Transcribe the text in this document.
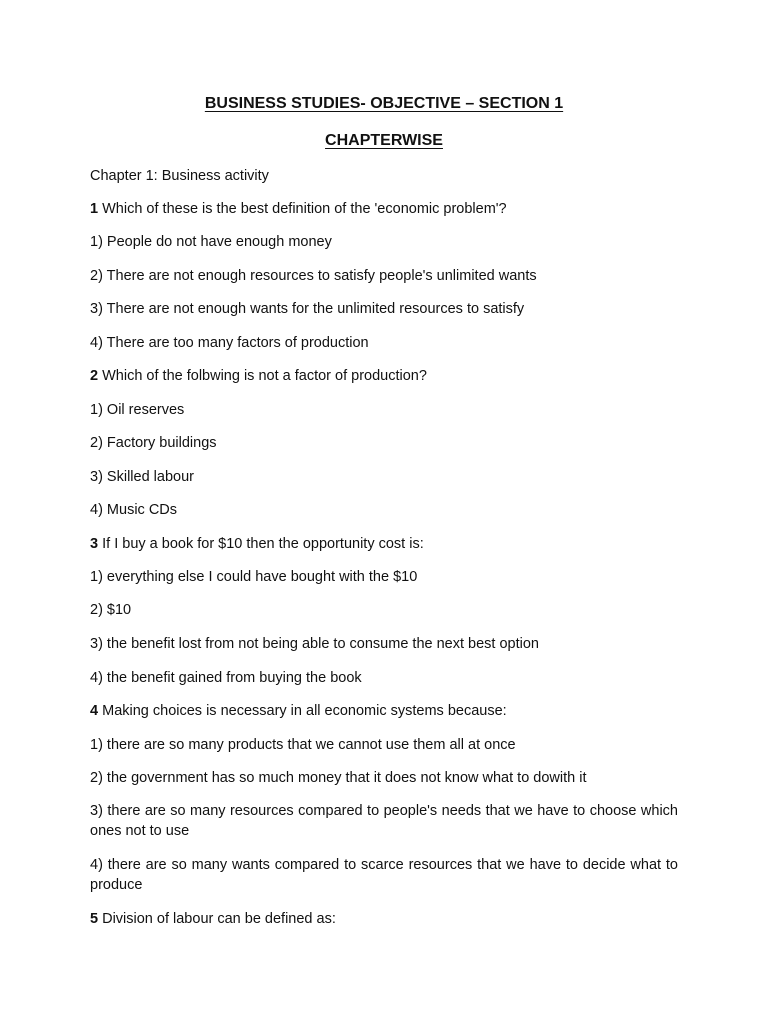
BUSINESS STUDIES- OBJECTIVE – SECTION 1
CHAPTERWISE
Chapter 1: Business activity
1 Which of these is the best definition of the 'economic problem'?
1) People do not have enough money
2) There are not enough resources to satisfy people's unlimited wants
3) There are not enough wants for the unlimited resources to satisfy
4) There are too many factors of production
2 Which of the folbwing is not a factor of production?
1) Oil reserves
2) Factory buildings
3) Skilled labour
4) Music CDs
3 If I buy a book for $10 then the opportunity cost is:
1) everything else I could have bought with the $10
2) $10
3) the benefit lost from not being able to consume the next best option
4) the benefit gained from buying the book
4 Making choices is necessary in all economic systems because:
1) there are so many products that we cannot use them all at once
2) the government has so much money that it does not know what to dowith it
3) there are so many resources compared to people's needs that we have to choose which ones not to use
4) there are so many wants compared to scarce resources that we have to decide what to produce
5 Division of labour can be defined as:
